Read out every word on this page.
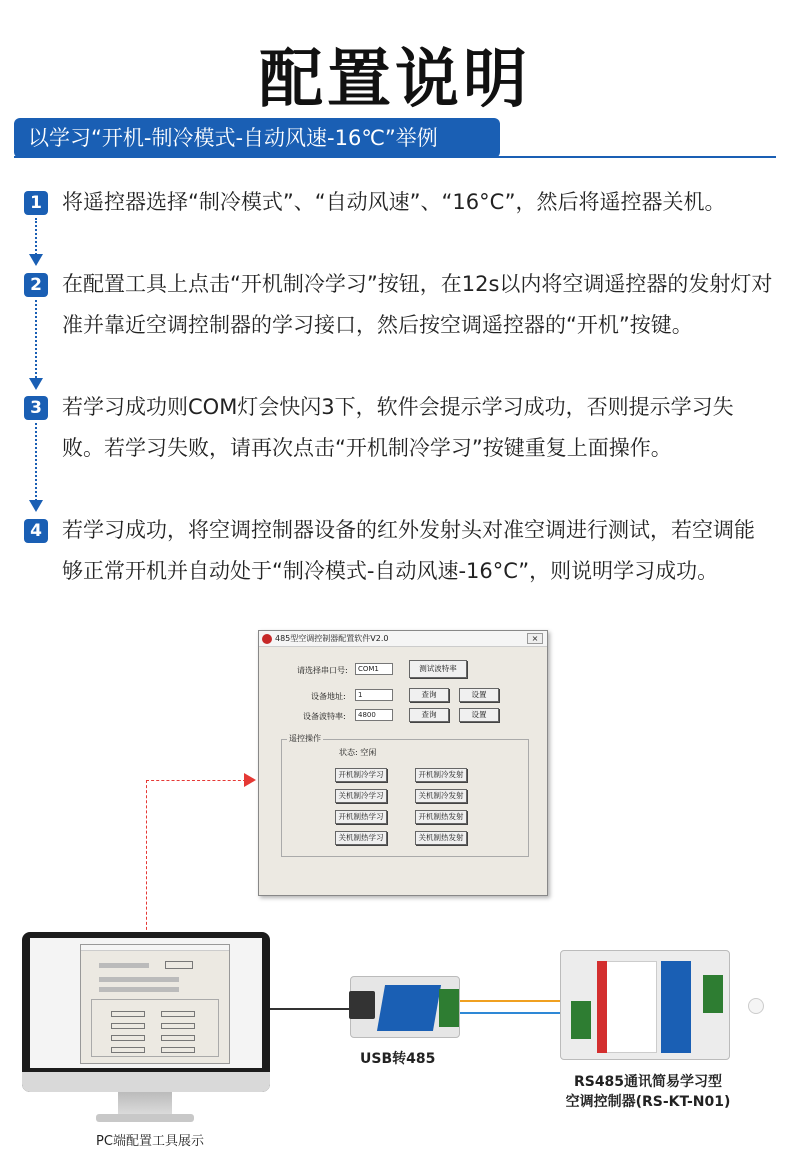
配置说明
以学习“开机-制冷模式-自动风速-16℃”举例
1 将遥控器选择“制冷模式”、“自动风速”、“16°C”，然后将遥控器关机。
2 在配置工具上点击“开机制冷学习”按钮，在12s以内将空调遥控器的发射灯对准并靠近空调控制器的学习接口，然后按空调遥控器的“开机”按键。
3 若学习成功则COM灯会快闪3下，软件会提示学习成功，否则提示学习失败。若学习失败，请再次点击“开机制冷学习”按键重复上面操作。
4 若学习成功，将空调控制器设备的红外发射头对准空调进行测试，若空调能够正常开机并自动处于“制冷模式-自动风速-16°C”，则说明学习成功。
485型空调控制器配置软件V2.0	×
请选择串口号:	COM1	测试波特率
设备地址:	1	查询	设置
设备波特率:	4800	查询	设置
遥控操作
状态: 空闲
开机制冷学习	开机制冷发射
关机制冷学习	关机制冷发射
开机制热学习	开机制热发射
关机制热学习	关机制热发射
PC端配置工具展示
USB转485
RS485通讯简易学习型
空调控制器(RS-KT-N01)
